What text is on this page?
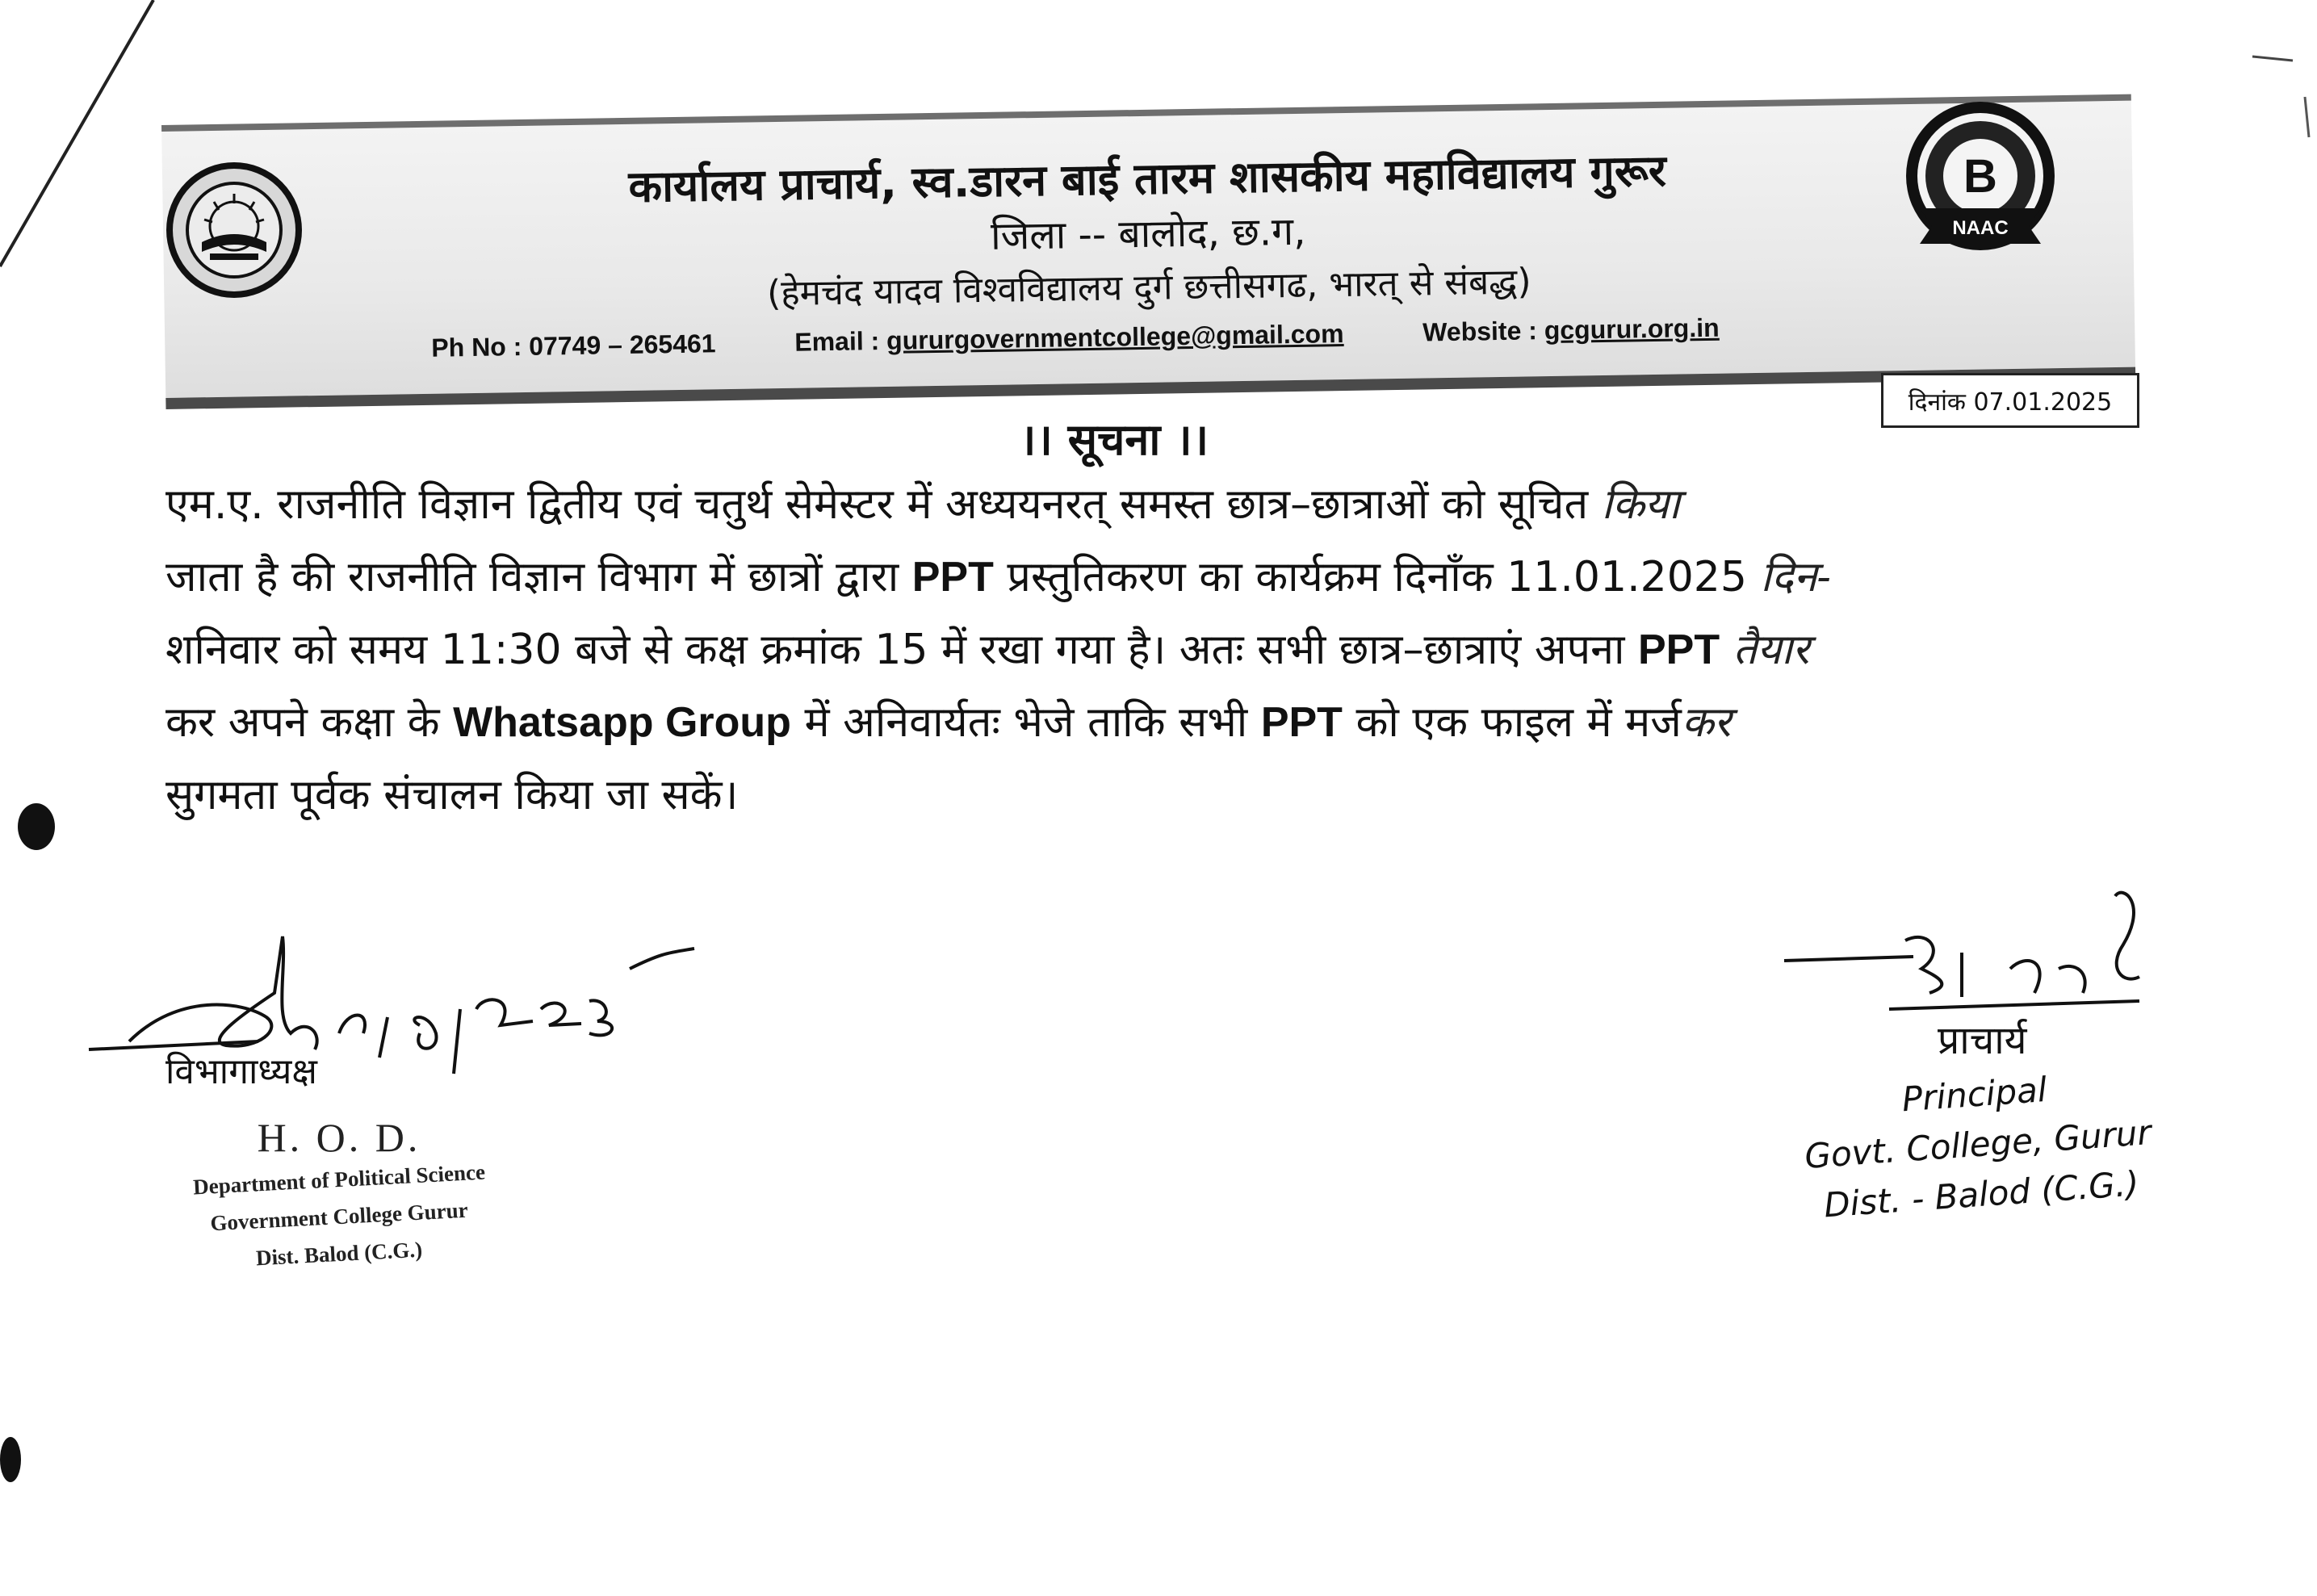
कार्यालय प्राचार्य, स्व.डारन बाई तारम शासकीय महाविद्यालय गुरूर
जिला -- बालोद, छ.ग,
(हेमचंद यादव विश्वविद्यालय दुर्ग छत्तीसगढ, भारत् से संबद्ध)
Ph No : 07749 – 265461	Email : gururgovernmentcollege@gmail.com	Website : gcgurur.org.in
B
NAAC
दिनांक 07.01.2025
।। सूचना ।।
एम.ए. राजनीति विज्ञान द्वितीय एवं चतुर्थ सेमेस्टर में अध्ययनरत् समस्त छात्र–छात्राओं को सूचित किया
जाता है की राजनीति विज्ञान विभाग में छात्रों द्वारा PPT प्रस्तुतिकरण का कार्यक्रम दिनाँक 11.01.2025 दिन-
शनिवार को समय 11:30 बजे से कक्ष क्रमांक 15 में रखा गया है। अतः सभी छात्र–छात्राएं अपना PPT तैयार
कर अपने कक्षा के Whatsapp Group में अनिवार्यतः भेजे ताकि सभी PPT को एक फाइल में मर्जकर
सुगमता पूर्वक संचालन किया जा सकें।
09|01|2025
विभागाध्यक्ष
H. O. D.
Department of Political Science
Government College Gurur
Dist. Balod (C.G.)
प्राचार्य
Principal
Govt. College, Gurur
Dist. - Balod (C.G.)
